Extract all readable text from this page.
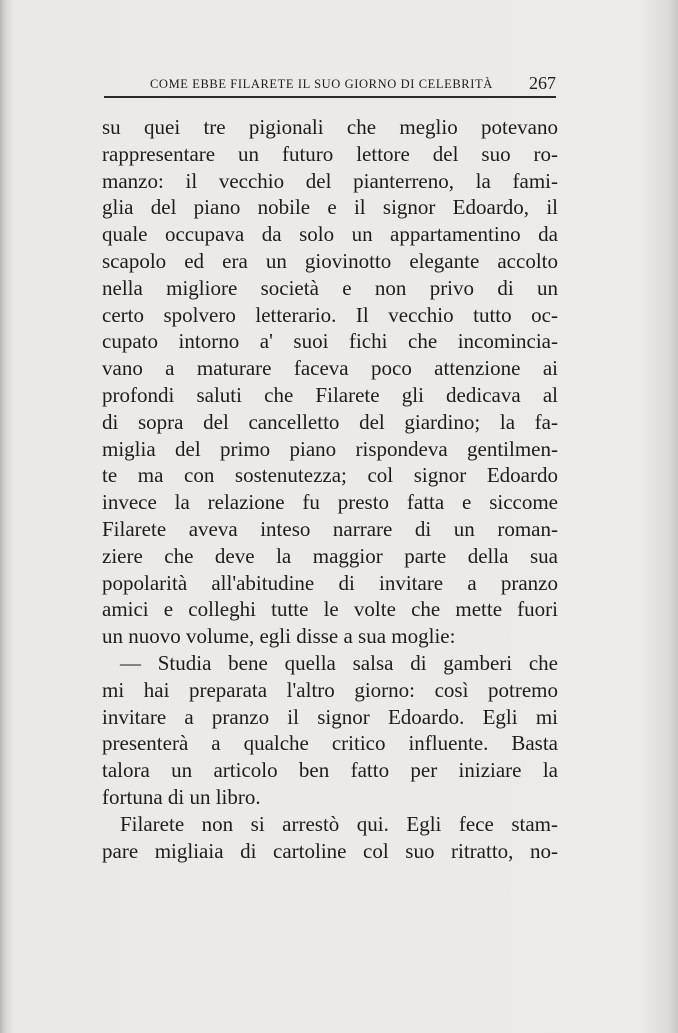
COME EBBE FILARETE IL SUO GIORNO DI CELEBRITÀ 267
su quei tre pigionali che meglio potevano
rappresentare un futuro lettore del suo ro-
manzo: il vecchio del pianterreno, la fami-
glia del piano nobile e il signor Edoardo, il
quale occupava da solo un appartamentino da
scapolo ed era un giovinotto elegante accolto
nella migliore società e non privo di un
certo spolvero letterario. Il vecchio tutto oc-
cupato intorno a' suoi fichi che incomincia-
vano a maturare faceva poco attenzione ai
profondi saluti che Filarete gli dedicava al
di sopra del cancelletto del giardino; la fa-
miglia del primo piano rispondeva gentilmen-
te ma con sostenutezza; col signor Edoardo
invece la relazione fu presto fatta e siccome
Filarete aveva inteso narrare di un roman-
ziere che deve la maggior parte della sua
popolarità all'abitudine di invitare a pranzo
amici e colleghi tutte le volte che mette fuori
un nuovo volume, egli disse a sua moglie:
— Studia bene quella salsa di gamberi che
mi hai preparata l'altro giorno: così potremo
invitare a pranzo il signor Edoardo. Egli mi
presenterà a qualche critico influente. Basta
talora un articolo ben fatto per iniziare la
fortuna di un libro.
Filarete non si arrestò qui. Egli fece stam-
pare migliaia di cartoline col suo ritratto, no-
